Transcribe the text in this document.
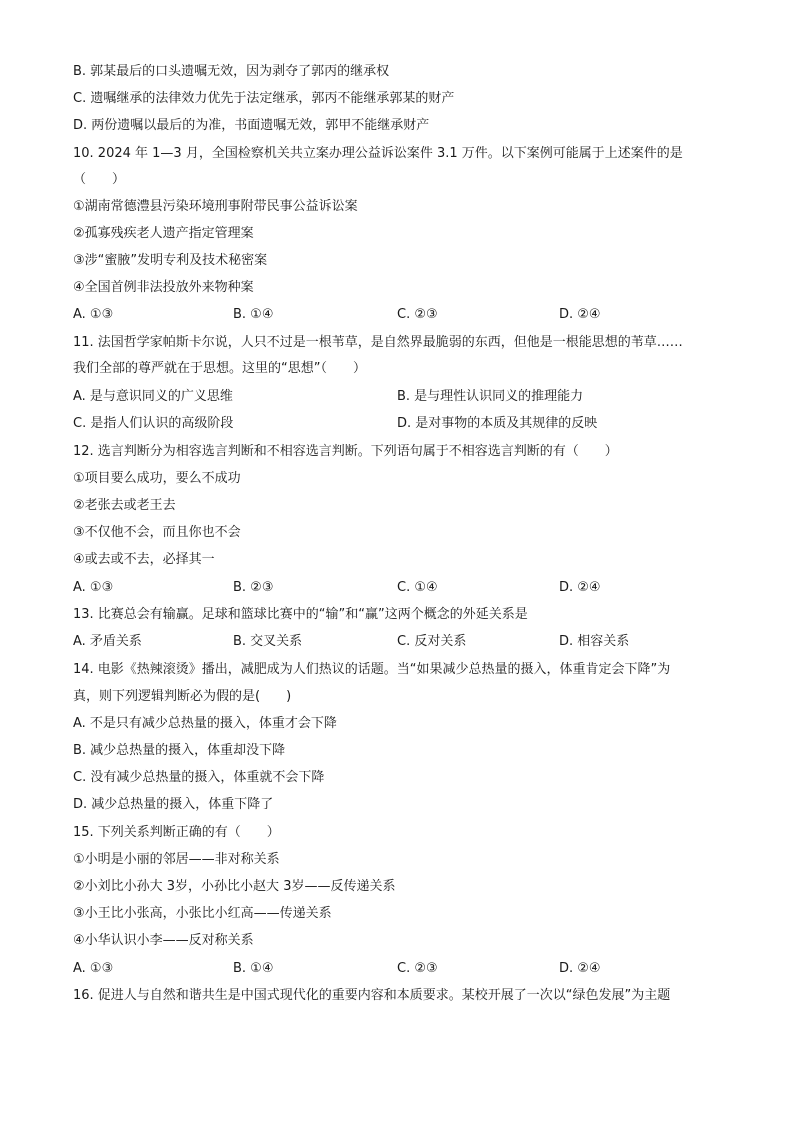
B. 郭某最后的口头遗嘱无效，因为剥夺了郭丙的继承权
C. 遗嘱继承的法律效力优先于法定继承，郭丙不能继承郭某的财产
D. 两份遗嘱以最后的为准，书面遗嘱无效，郭甲不能继承财产
10. 2024 年 1—3 月，全国检察机关共立案办理公益诉讼案件 3.1 万件。以下案例可能属于上述案件的是
（　　）
①湖南常德澧县污染环境刑事附带民事公益诉讼案
②孤寡残疾老人遗产指定管理案
③涉“蜜腋”发明专利及技术秘密案
④全国首例非法投放外来物种案
A. ①③	B. ①④	C. ②③	D. ②④
11. 法国哲学家帕斯卡尔说，人只不过是一根苇草，是自然界最脆弱的东西，但他是一根能思想的苇草……
我们全部的尊严就在于思想。这里的“思想”（　　）
A. 是与意识同义的广义思维	B. 是与理性认识同义的推理能力
C. 是指人们认识的高级阶段	D. 是对事物的本质及其规律的反映
12. 选言判断分为相容选言判断和不相容选言判断。下列语句属于不相容选言判断的有（　　）
①项目要么成功，要么不成功
②老张去或老王去
③不仅他不会，而且你也不会
④或去或不去，必择其一
A. ①③	B. ②③	C. ①④	D. ②④
13. 比赛总会有输赢。足球和篮球比赛中的“输”和“赢”这两个概念的外延关系是
A. 矛盾关系	B. 交叉关系	C. 反对关系	D. 相容关系
14. 电影《热辣滚烫》播出，减肥成为人们热议的话题。当“如果减少总热量的摄入，体重肯定会下降”为
真，则下列逻辑判断必为假的是(　　)
A. 不是只有减少总热量的摄入，体重才会下降
B. 减少总热量的摄入，体重却没下降
C. 没有减少总热量的摄入，体重就不会下降
D. 减少总热量的摄入，体重下降了
15. 下列关系判断正确的有（　　）
①小明是小丽的邻居——非对称关系
②小刘比小孙大 3岁，小孙比小赵大 3岁——反传递关系
③小王比小张高，小张比小红高——传递关系
④小华认识小李——反对称关系
A. ①③	B. ①④	C. ②③	D. ②④
16. 促进人与自然和谐共生是中国式现代化的重要内容和本质要求。某校开展了一次以“绿色发展”为主题
